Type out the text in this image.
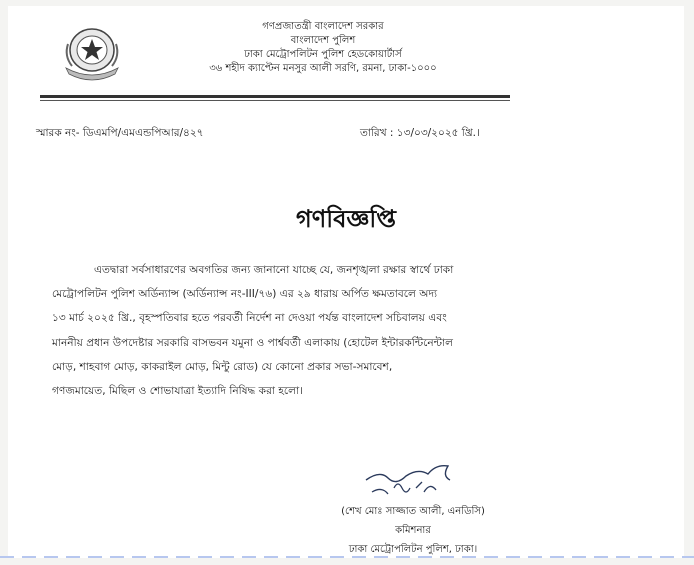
গণপ্রজাতন্ত্রী বাংলাদেশ সরকার
বাংলাদেশ পুলিশ
ঢাকা মেট্রোপলিটন পুলিশ হেডকোয়ার্টার্স
৩৬ শহীদ ক্যাপ্টেন মনসুর আলী সরণি, রমনা, ঢাকা-১০০০
স্মারক নং- ডিএমপি/এমএন্ডপিআর/৪২৭	তারিখ : ১৩/০৩/২০২৫ খ্রি.।
গণবিজ্ঞপ্তি
এতদ্বারা সর্বসাধারণের অবগতির জন্য জানানো যাচ্ছে যে, জনশৃঙ্খলা রক্ষার স্বার্থে ঢাকা
মেট্রোপলিটন পুলিশ অর্ডিন্যান্স (অর্ডিন্যান্স নং-III/৭৬) এর ২৯ ধারায় অর্পিত ক্ষমতাবলে অদ্য
১৩ মার্চ ২০২৫ খ্রি., বৃহস্পতিবার হতে পরবর্তী নির্দেশ না দেওয়া পর্যন্ত বাংলাদেশ সচিবালয় এবং
মাননীয় প্রধান উপদেষ্টার সরকারি বাসভবন যমুনা ও পার্শ্ববর্তী এলাকায় (হোটেল ইন্টারকন্টিনেন্টাল
মোড়, শাহবাগ মোড়, কাকরাইল মোড়, মিন্টু রোড) যে কোনো প্রকার সভা-সমাবেশ,
গণজমায়েত, মিছিল ও শোভাযাত্রা ইত্যাদি নিষিদ্ধ করা হলো।
(শেখ মোঃ সাজ্জাত আলী, এনডিসি)
কমিশনার
ঢাকা মেট্রোপলিটন পুলিশ, ঢাকা।
